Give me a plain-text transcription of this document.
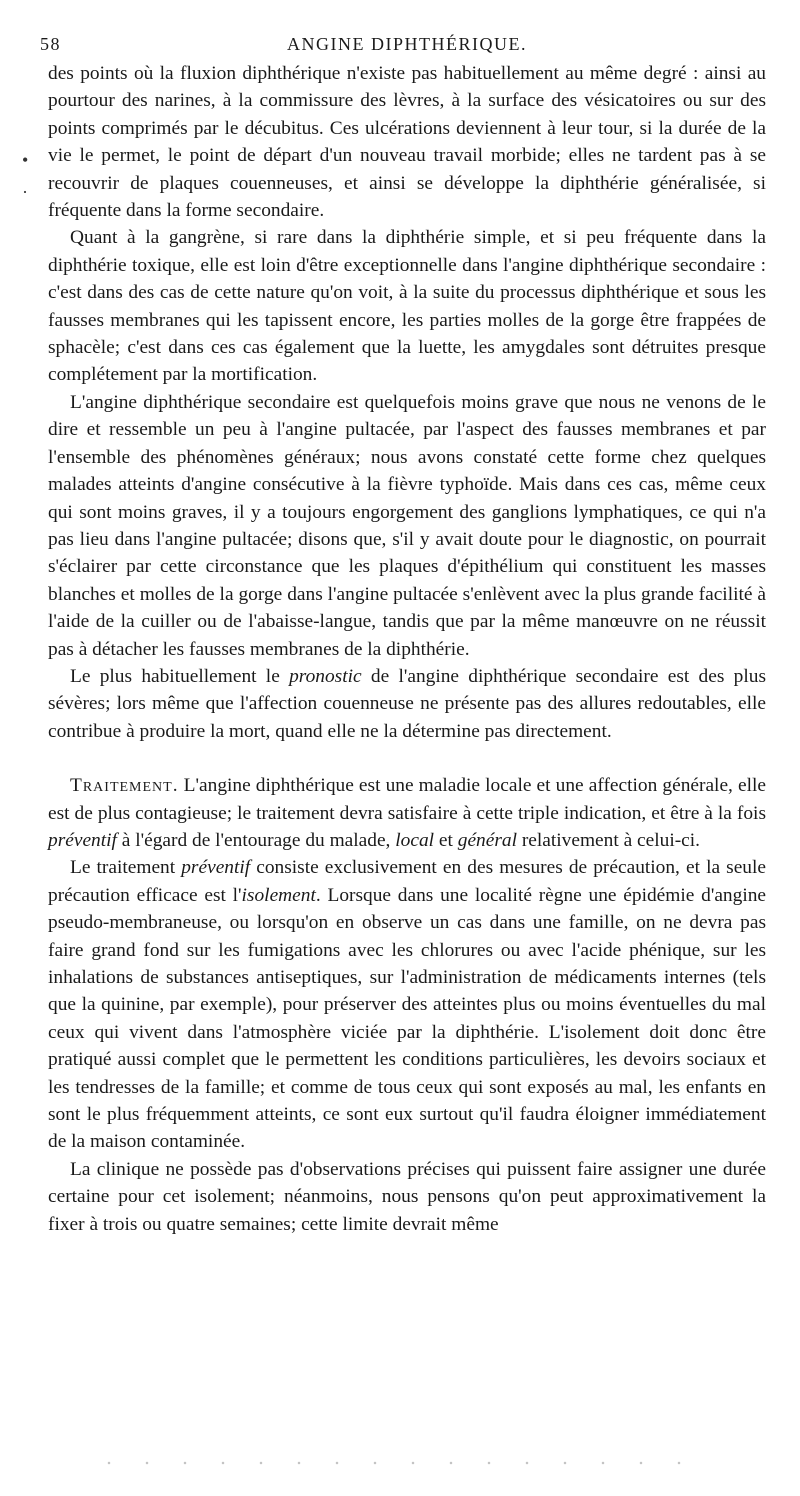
58	ANGINE DIPHTHÉRIQUE.

des points où la fluxion diphthérique n'existe pas habituellement au même degré : ainsi au pourtour des narines, à la commissure des lèvres, à la surface des vésicatoires ou sur des points comprimés par le décubitus. Ces ulcérations deviennent à leur tour, si la durée de la vie le permet, le point de départ d'un nouveau travail morbide; elles ne tardent pas à se recouvrir de plaques couenneuses, et ainsi se développe la diphthérie généralisée, si fréquente dans la forme secondaire.

Quant à la gangrène, si rare dans la diphthérie simple, et si peu fréquente dans la diphthérie toxique, elle est loin d'être exceptionnelle dans l'angine diphthérique secondaire : c'est dans des cas de cette nature qu'on voit, à la suite du processus diphthérique et sous les fausses membranes qui les tapissent encore, les parties molles de la gorge être frappées de sphacèle; c'est dans ces cas également que la luette, les amygdales sont détruites presque complétement par la mortification.

L'angine diphthérique secondaire est quelquefois moins grave que nous ne venons de le dire et ressemble un peu à l'angine pultacée, par l'aspect des fausses membranes et par l'ensemble des phénomènes généraux; nous avons constaté cette forme chez quelques malades atteints d'angine consécutive à la fièvre typhoïde. Mais dans ces cas, même ceux qui sont moins graves, il y a toujours engorgement des ganglions lymphatiques, ce qui n'a pas lieu dans l'angine pultacée; disons que, s'il y avait doute pour le diagnostic, on pourrait s'éclairer par cette circonstance que les plaques d'épithélium qui constituent les masses blanches et molles de la gorge dans l'angine pultacée s'enlèvent avec la plus grande facilité à l'aide de la cuiller ou de l'abaisse-langue, tandis que par la même manœuvre on ne réussit pas à détacher les fausses membranes de la diphthérie.

Le plus habituellement le pronostic de l'angine diphthérique secondaire est des plus sévères; lors même que l'affection couenneuse ne présente pas des allures redoutables, elle contribue à produire la mort, quand elle ne la détermine pas directement.

Traitement. L'angine diphthérique est une maladie locale et une affection générale, elle est de plus contagieuse; le traitement devra satisfaire à cette triple indication, et être à la fois préventif à l'égard de l'entourage du malade, local et général relativement à celui-ci.

Le traitement préventif consiste exclusivement en des mesures de précaution, et la seule précaution efficace est l'isolement. Lorsque dans une localité règne une épidémie d'angine pseudo-membraneuse, ou lorsqu'on en observe un cas dans une famille, on ne devra pas faire grand fond sur les fumigations avec les chlorures ou avec l'acide phénique, sur les inhalations de substances antiseptiques, sur l'administration de médicaments internes (tels que la quinine, par exemple), pour préserver des atteintes plus ou moins éventuelles du mal ceux qui vivent dans l'atmosphère viciée par la diphthérie. L'isolement doit donc être pratiqué aussi complet que le permettent les conditions particulières, les devoirs sociaux et les tendresses de la famille; et comme de tous ceux qui sont exposés au mal, les enfants en sont le plus fréquemment atteints, ce sont eux surtout qu'il faudra éloigner immédiatement de la maison contaminée.

La clinique ne possède pas d'observations précises qui puissent faire assigner une durée certaine pour cet isolement; néanmoins, nous pensons qu'on peut approximativement la fixer à trois ou quatre semaines; cette limite devrait même

•
·
